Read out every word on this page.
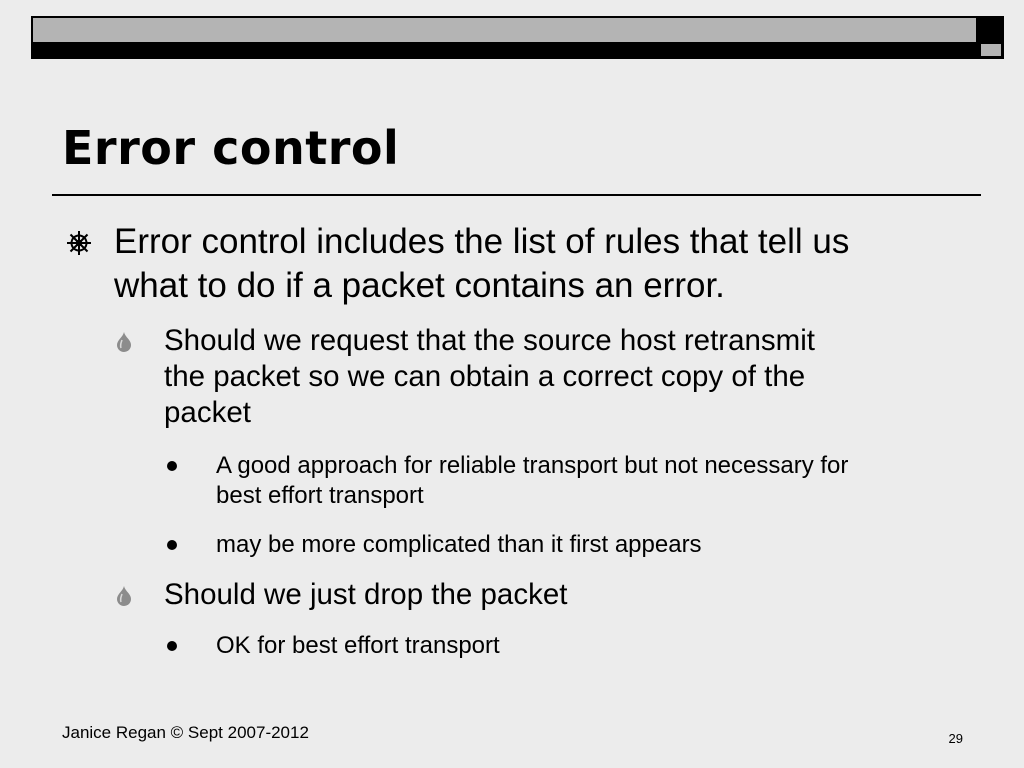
Error control
Error control includes the list of rules that tell us
what to do if a packet contains an error.
Should we request that the source host retransmit
the packet so we can obtain a correct copy of the
packet
A good approach for reliable transport but not necessary for
best effort transport
may be more complicated than it first appears
Should we just drop the packet
OK for best effort transport
Janice Regan © Sept 2007-2012	29
